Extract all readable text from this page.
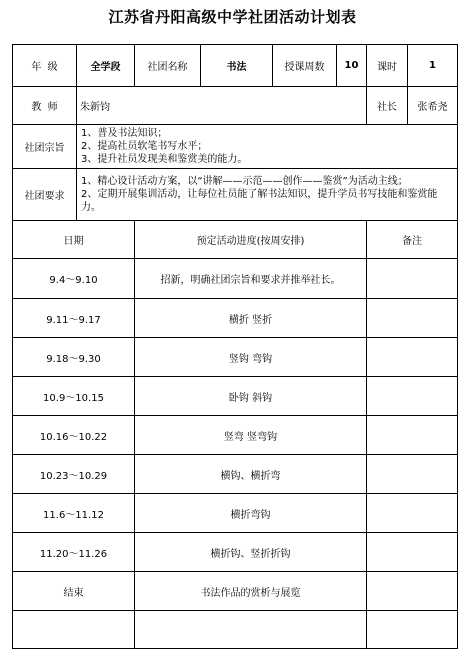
江苏省丹阳高级中学社团活动计划表
年  级	全学段	社团名称	书法	授课周数	10	课时	1
教  师	朱新钧					社长	张希尧
社团宗旨	1、普及书法知识；
2、提高社员软笔书写水平；
3、提升社员发现美和鉴赏美的能力。						

社团要求	1、精心设计活动方案，以“讲解——示范——创作——鉴赏”为活动主线；
2、定期开展集训活动，让每位社员能了解书法知识，提升学员书写技能和鉴赏能力。						

日期		预定活动进度(按周安排)				备注	
9.4～9.10		招新，明确社团宗旨和要求并推举社长。					
9.11～9.17		横折 竖折					
9.18～9.30		竖钩 弯钩					
10.9～10.15		卧钩 斜钩					
10.16～10.22		竖弯 竖弯钩					
10.23～10.29		横钩、横折弯					
11.6～11.12		横折弯钩					
11.20～11.26		横折钩、竖折折钩					
结束		书法作品的赏析与展览					
